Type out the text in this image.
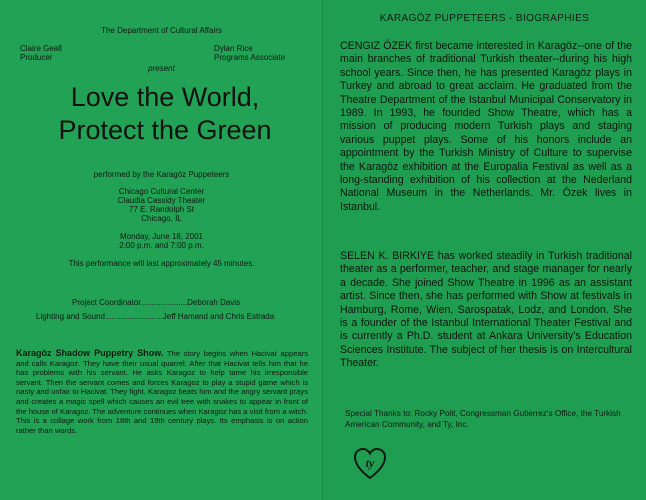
The Department of Cultural Affairs
Claire Geall
Producer
Dylan Rice
Programs Associate
present
Love the World,
Protect the Green
performed by the Karagöz Puppeteers
Chicago Cultural Center
Claudia Cassidy Theater
77 E. Randolph St
Chicago, IL
Monday, June 18, 2001
2:00 p.m. and 7:00 p.m.
This performance will last approximately 45 minutes.
Project Coordinator.....................Deborah Davis
Lighting and Sound..........................Jeff Hamand and Chris Estrada
Karagöz Shadow Puppetry Show. The story begins when Hacivat appears and calls Karagoz. They have their usual quarrel. After that Hacivat tells him that he has problems with his servant. He asks Karagoz to help tame his irresponsible servant. Then the servant comes and forces Karagoz to play a stupid game which is nasty and unfair to Hacivat. They fight. Karagoz beats him and the angry servant prays and creates a magic spell which causes an evil tree with snakes to appear in front of the house of Karagoz. The adventure continues when Karagoz has a visit from a witch. This is a collage work from 18th and 19th century plays. Its emphasis is on action rather than words.
KARAGÖZ PUPPETEERS - BIOGRAPHIES
CENGIZ ÖZEK first became interested in Karagöz--one of the main branches of traditional Turkish theater--during his high school years. Since then, he has presented Karagöz plays in Turkey and abroad to great acclaim. He graduated from the Theatre Department of the Istanbul Municipal Conservatory in 1989. In 1993, he founded Show Theatre, which has a mission of producing modern Turkish plays and staging various puppet plays. Some of his honors include an appointment by the Turkish Ministry of Culture to supervise the Karagöz exhibition at the Europalia Festival as well as a long-standing exhibition of his collection at the Nederland National Museum in the Netherlands. Mr. Özek lives in Istanbul.
SELEN K. BIRKIYE has worked steadily in Turkish traditional theater as a performer, teacher, and stage manager for nearly a decade. She joined Show Theatre in 1996 as an assistant artist. Since then, she has performed with Show at festivals in Hamburg, Rome, Wien, Sarospatak, Lodz, and London. She is a founder of the Istanbul International Theater Festival and is currently a Ph.D. student at Ankara University's Education Sciences Institute. The subject of her thesis is on Intercultural Theater.
Special Thanks to: Rocky Polit, Congressman Gutierrez's Office, the Turkish American Community, and Ty, Inc.
ty
